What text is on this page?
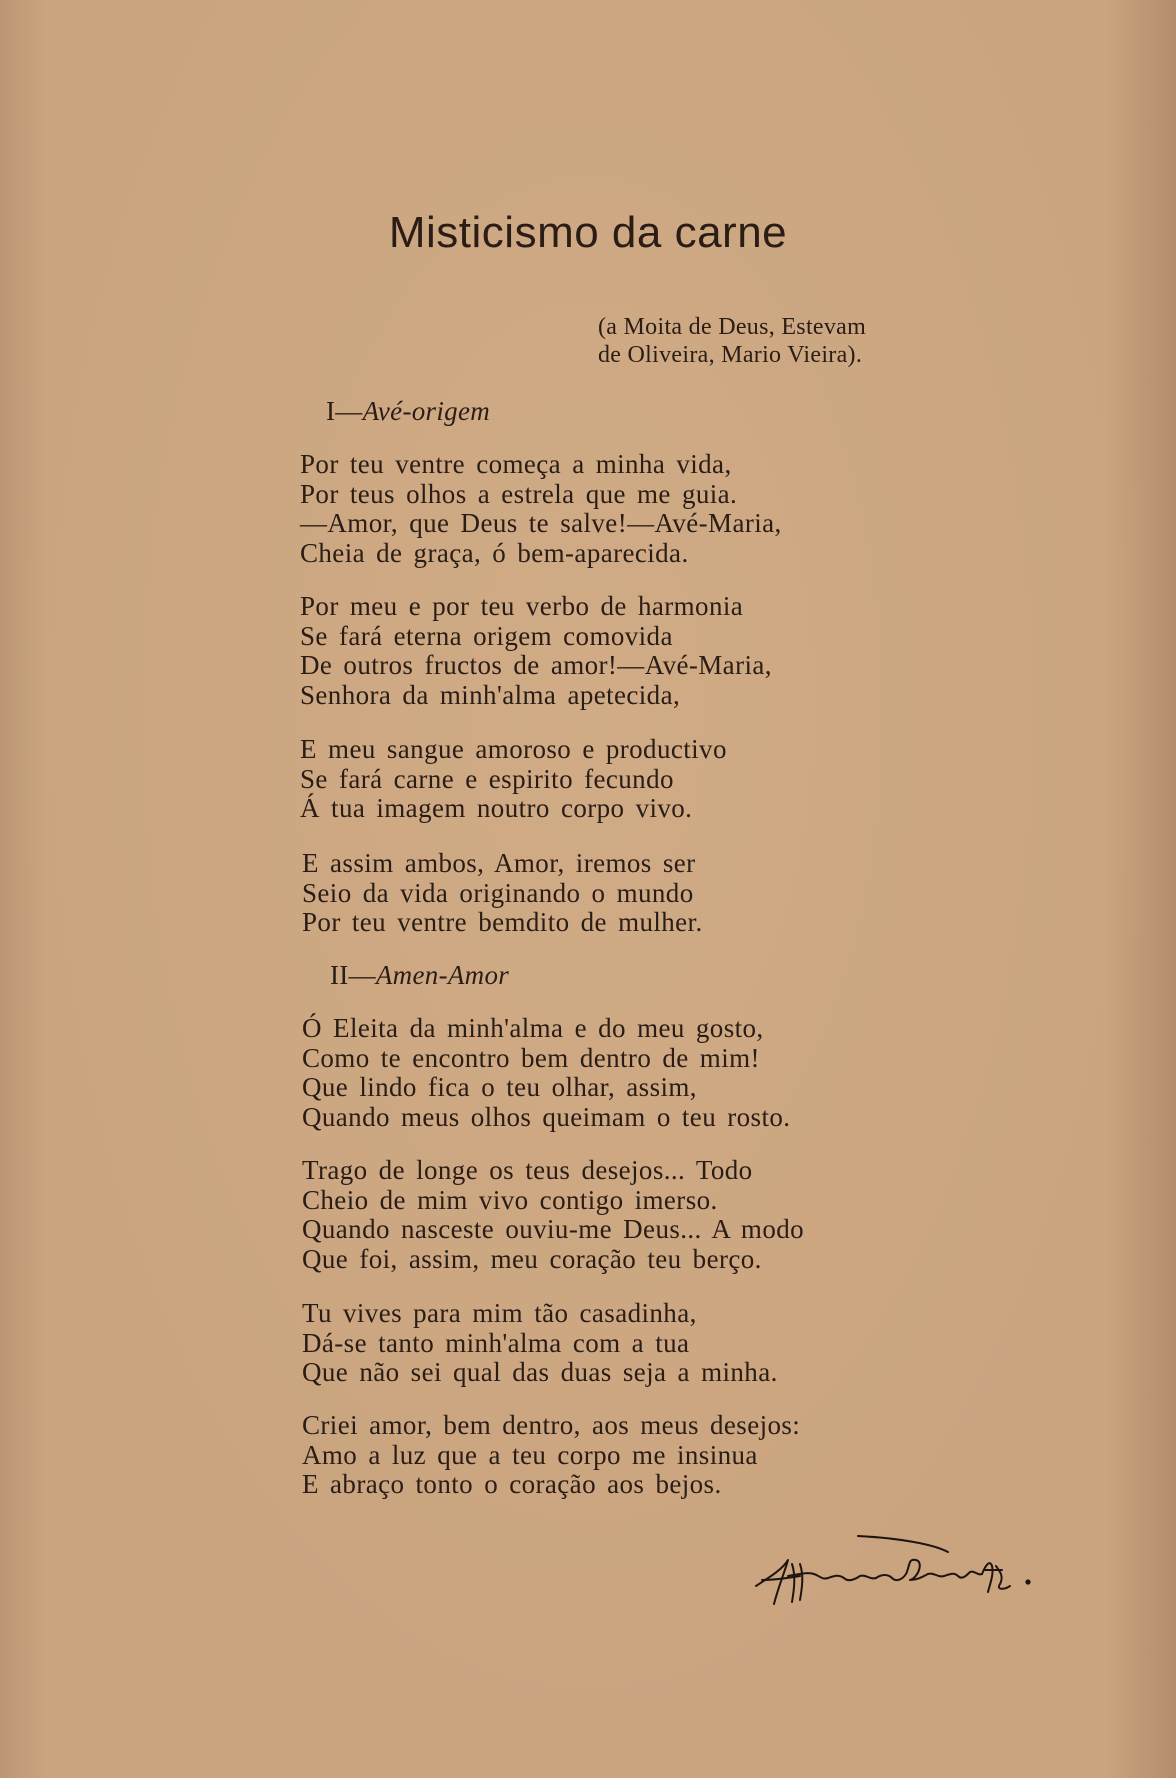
Misticismo da carne
(a Moita de Deus, Estevam
de Oliveira, Mario Vieira).
I—Avé-origem
Por teu ventre começa a minha vida,
Por teus olhos a estrela que me guia.
—Amor, que Deus te salve!—Avé-Maria,
Cheia de graça, ó bem-aparecida.
Por meu e por teu verbo de harmonia
Se fará eterna origem comovida
De outros fructos de amor!—Avé-Maria,
Senhora da minh'alma apetecida,
E meu sangue amoroso e productivo
Se fará carne e espirito fecundo
Á tua imagem noutro corpo vivo.
E assim ambos, Amor, iremos ser
Seio da vida originando o mundo
Por teu ventre bemdito de mulher.
II—Amen-Amor
Ó Eleita da minh'alma e do meu gosto,
Como te encontro bem dentro de mim!
Que lindo fica o teu olhar, assim,
Quando meus olhos queimam o teu rosto.
Trago de longe os teus desejos... Todo
Cheio de mim vivo contigo imerso.
Quando nasceste ouviu-me Deus... A modo
Que foi, assim, meu coração teu berço.
Tu vives para mim tão casadinha,
Dá-se tanto minh'alma com a tua
Que não sei qual das duas seja a minha.
Criei amor, bem dentro, aos meus desejos:
Amo a luz que a teu corpo me insinua
E abraço tonto o coração aos bejos.
